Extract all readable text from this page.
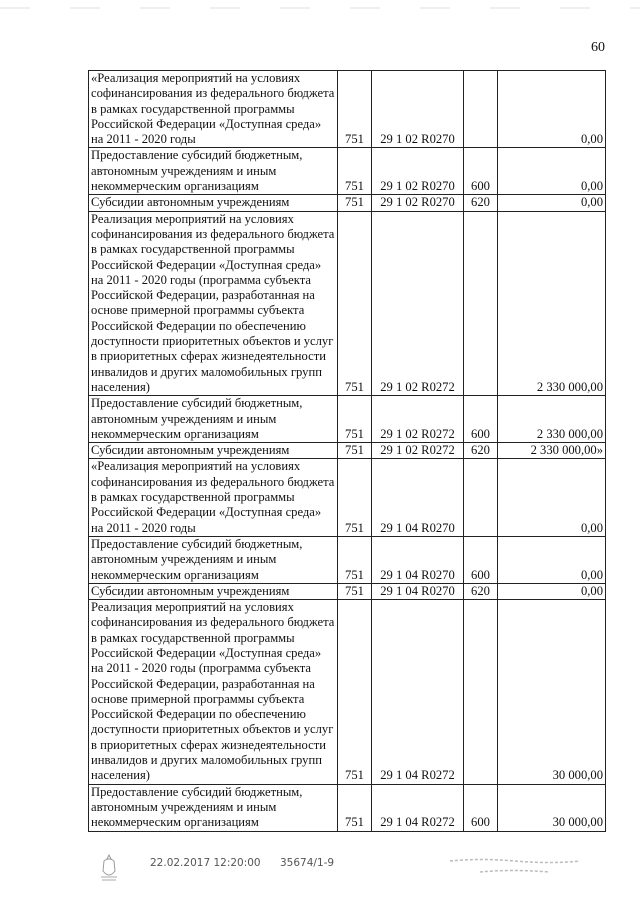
60
«Реализация мероприятий на условиях софинансирования из федерального бюджета в рамках государственной программы Российской Федерации «Доступная среда» на 2011 - 2020 годы	751	29 1 02 R0270		0,00
Предоставление субсидий бюджетным, автономным учреждениям и иным некоммерческим организациям	751	29 1 02 R0270	600	0,00
Субсидии автономным учреждениям	751	29 1 02 R0270	620	0,00
Реализация мероприятий на условиях софинансирования из федерального бюджета в рамках государственной программы Российской Федерации «Доступная среда» на 2011 - 2020 годы (программа субъекта Российской Федерации, разработанная на основе примерной программы субъекта Российской Федерации по обеспечению доступности приоритетных объектов и услуг в приоритетных сферах жизнедеятельности инвалидов и других маломобильных групп населения)	751	29 1 02 R0272		2 330 000,00
Предоставление субсидий бюджетным, автономным учреждениям и иным некоммерческим организациям	751	29 1 02 R0272	600	2 330 000,00
Субсидии автономным учреждениям	751	29 1 02 R0272	620	2 330 000,00»
«Реализация мероприятий на условиях софинансирования из федерального бюджета в рамках государственной программы Российской Федерации «Доступная среда» на 2011 - 2020 годы	751	29 1 04 R0270		0,00
Предоставление субсидий бюджетным, автономным учреждениям и иным некоммерческим организациям	751	29 1 04 R0270	600	0,00
Субсидии автономным учреждениям	751	29 1 04 R0270	620	0,00
Реализация мероприятий на условиях софинансирования из федерального бюджета в рамках государственной программы Российской Федерации «Доступная среда» на 2011 - 2020 годы (программа субъекта Российской Федерации, разработанная на основе примерной программы субъекта Российской Федерации по обеспечению доступности приоритетных объектов и услуг в приоритетных сферах жизнедеятельности инвалидов и других маломобильных групп населения)	751	29 1 04 R0272		30 000,00
Предоставление субсидий бюджетным, автономным учреждениям и иным некоммерческим организациям	751	29 1 04 R0272	600	30 000,00
22.02.2017 12:20:00 35674/1-9
